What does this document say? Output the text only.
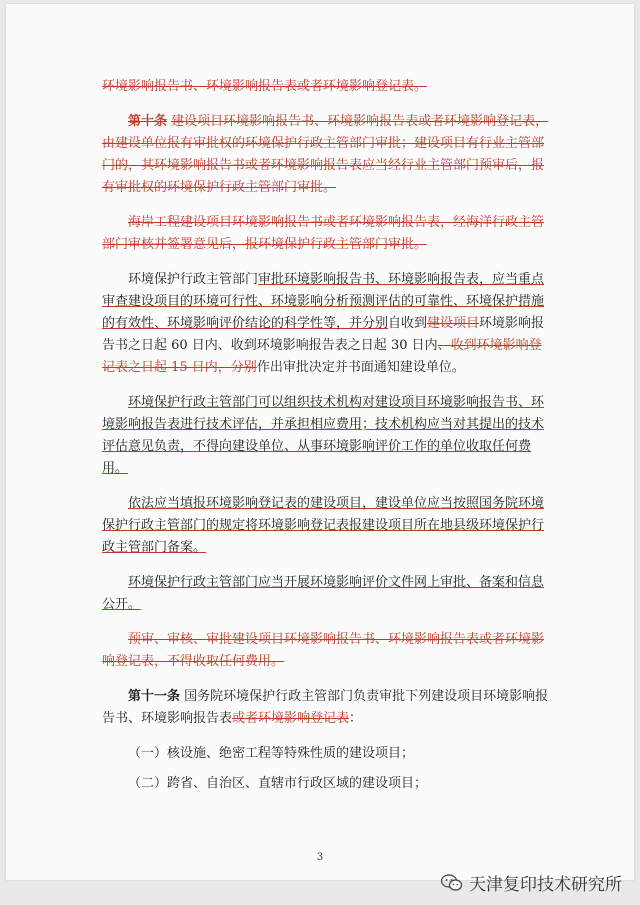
环境影响报告书、环境影响报告表或者环境影响登记表。

第十条 建设项目环境影响报告书、环境影响报告表或者环境影响登记表，由建设单位报有审批权的环境保护行政主管部门审批；建设项目有行业主管部门的，其环境影响报告书或者环境影响报告表应当经行业主管部门预审后，报有审批权的环境保护行政主管部门审批。

海岸工程建设项目环境影响报告书或者环境影响报告表，经海洋行政主管部门审核并签署意见后，报环境保护行政主管部门审批。

环境保护行政主管部门审批环境影响报告书、环境影响报告表，应当重点审查建设项目的环境可行性、环境影响分析预测评估的可靠性、环境保护措施的有效性、环境影响评价结论的科学性等，并分别自收到建设项目环境影响报告书之日起 60 日内、收到环境影响报告表之日起 30 日内、收到环境影响登记表之日起 15 日内，分别作出审批决定并书面通知建设单位。

环境保护行政主管部门可以组织技术机构对建设项目环境影响报告书、环境影响报告表进行技术评估，并承担相应费用；技术机构应当对其提出的技术评估意见负责，不得向建设单位、从事环境影响评价工作的单位收取任何费用。

依法应当填报环境影响登记表的建设项目，建设单位应当按照国务院环境保护行政主管部门的规定将环境影响登记表报建设项目所在地县级环境保护行政主管部门备案。

环境保护行政主管部门应当开展环境影响评价文件网上审批、备案和信息公开。

预审、审核、审批建设项目环境影响报告书、环境影响报告表或者环境影响登记表，不得收取任何费用。

第十一条 国务院环境保护行政主管部门负责审批下列建设项目环境影响报告书、环境影响报告表或者环境影响登记表：

（一）核设施、绝密工程等特殊性质的建设项目；

（二）跨省、自治区、直辖市行政区域的建设项目；

3
天津复印技术研究所
